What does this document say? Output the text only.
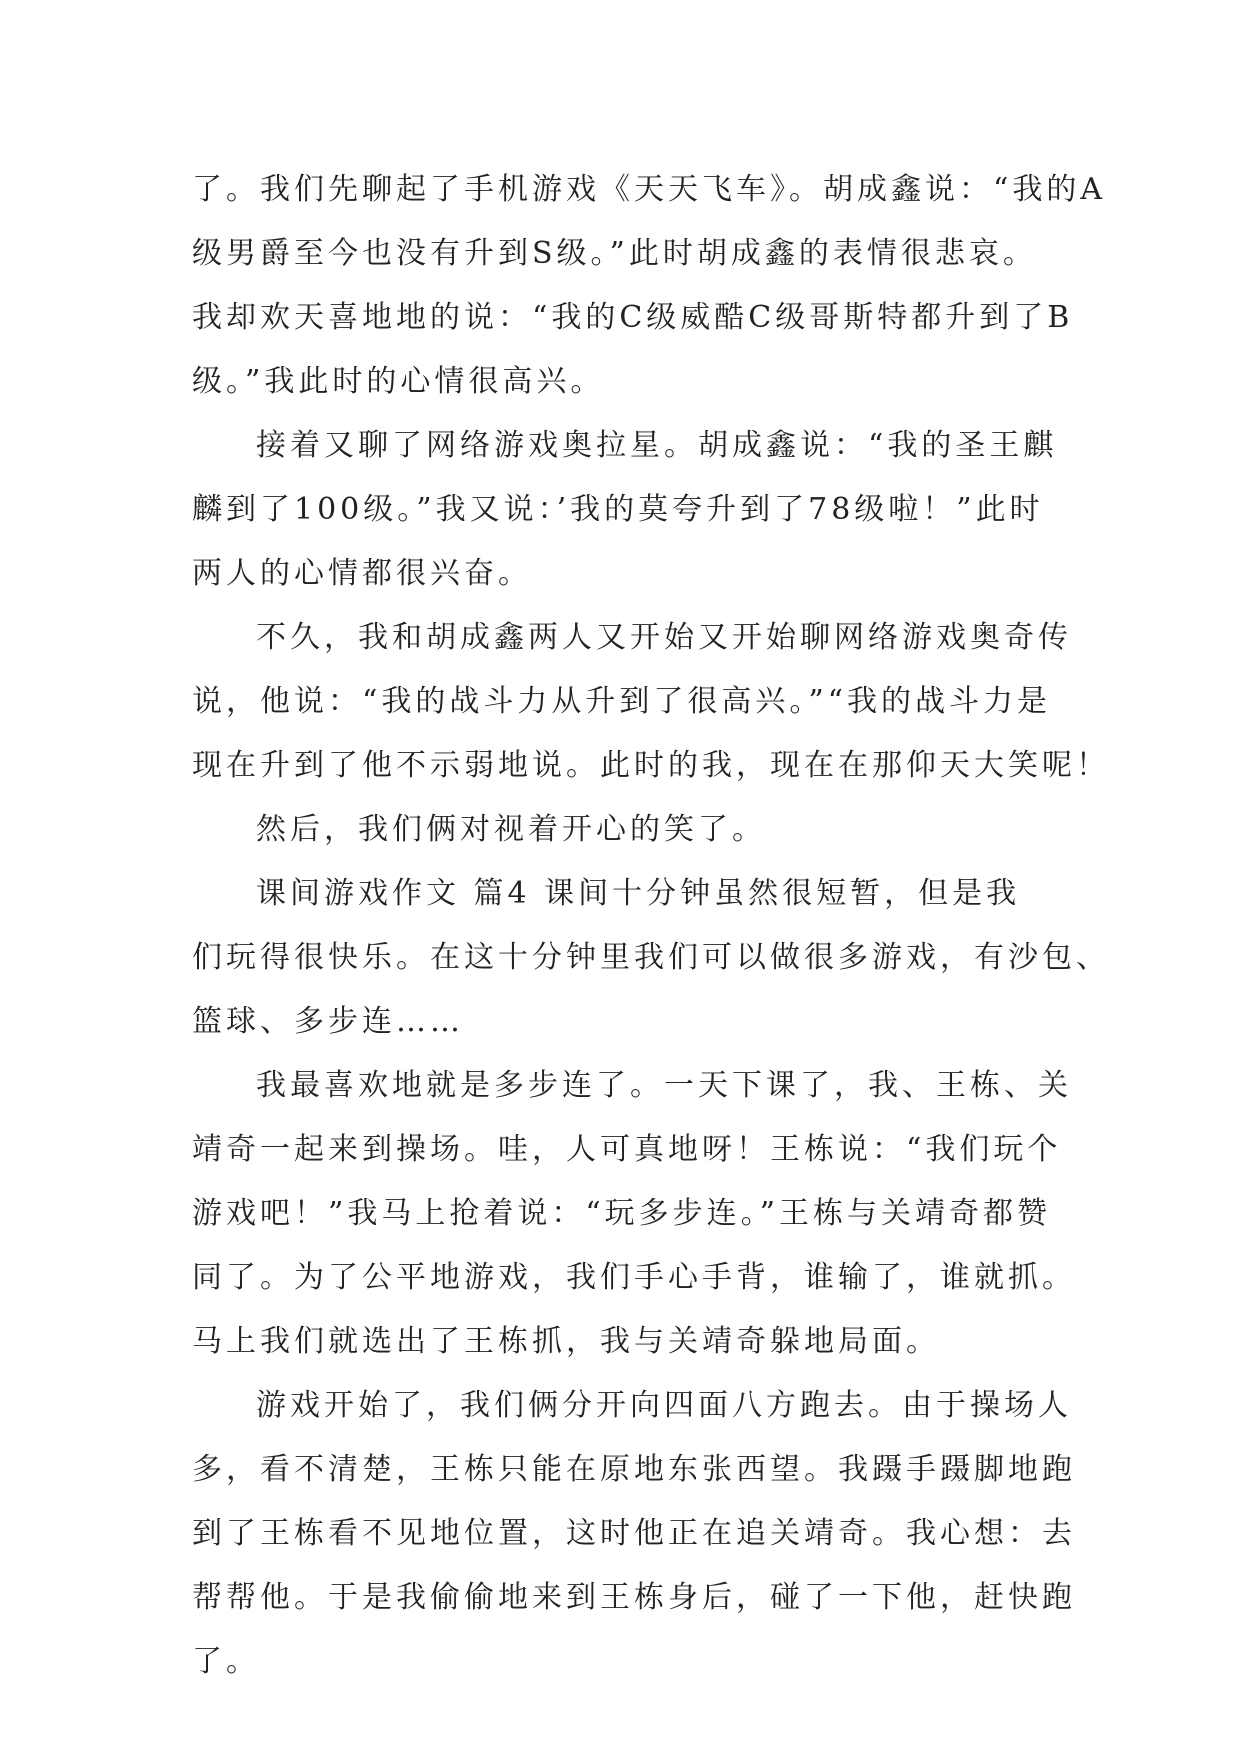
了。我们先聊起了手机游戏《天天飞车》。胡成鑫说：“我的A
级男爵至今也没有升到S级。”此时胡成鑫的表情很悲哀。
我却欢天喜地地的说：“我的C级威酷C级哥斯特都升到了B
级。”我此时的心情很高兴。
接着又聊了网络游戏奥拉星。胡成鑫说：“我的圣王麒
麟到了100级。”我又说：’我的莫夸升到了78级啦！”此时
两人的心情都很兴奋。
不久，我和胡成鑫两人又开始又开始聊网络游戏奥奇传
说，他说：“我的战斗力从升到了很高兴。”“我的战斗力是
现在升到了他不示弱地说。此时的我，现在在那仰天大笑呢！
然后，我们俩对视着开心的笑了。
课间游戏作文 篇4 课间十分钟虽然很短暂，但是我
们玩得很快乐。在这十分钟里我们可以做很多游戏，有沙包、
篮球、多步连……
我最喜欢地就是多步连了。一天下课了，我、王栋、关
靖奇一起来到操场。哇，人可真地呀！王栋说：“我们玩个
游戏吧！”我马上抢着说：“玩多步连。”王栋与关靖奇都赞
同了。为了公平地游戏，我们手心手背，谁输了，谁就抓。
马上我们就选出了王栋抓，我与关靖奇躲地局面。
游戏开始了，我们俩分开向四面八方跑去。由于操场人
多，看不清楚，王栋只能在原地东张西望。我蹑手蹑脚地跑
到了王栋看不见地位置，这时他正在追关靖奇。我心想：去
帮帮他。于是我偷偷地来到王栋身后，碰了一下他，赶快跑
了。
